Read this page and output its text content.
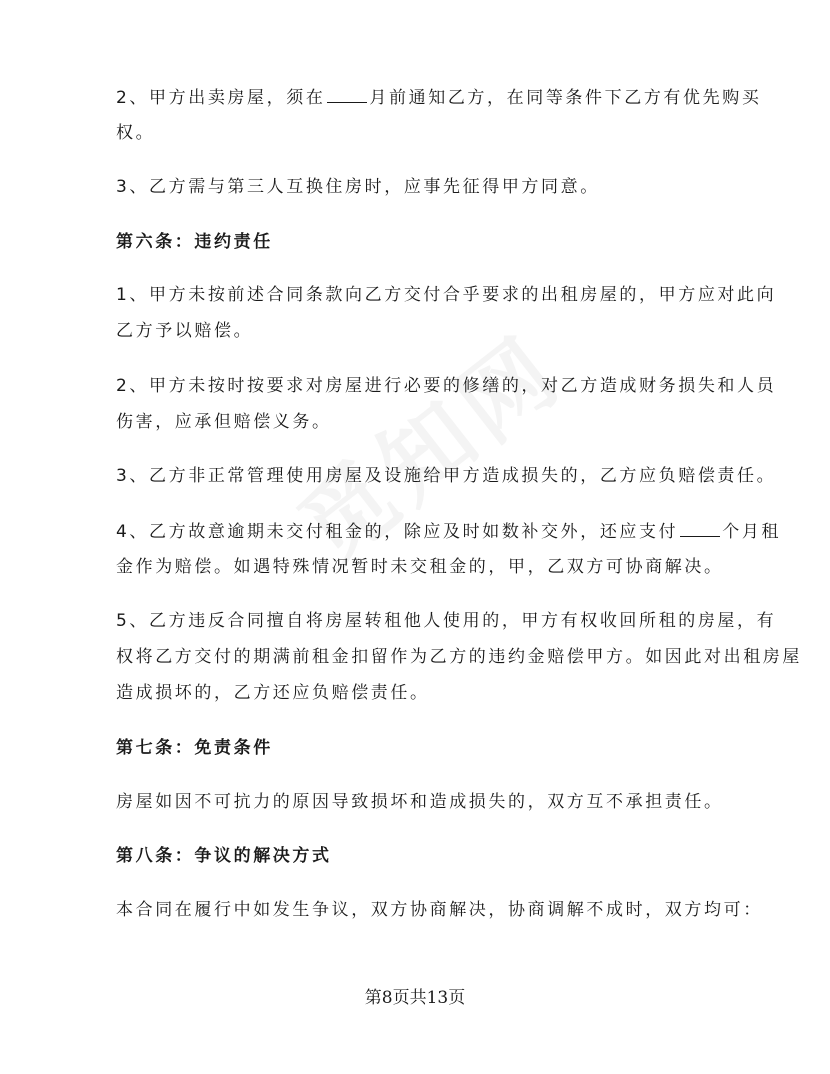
2、甲方出卖房屋，须在	月前通知乙方，在同等条件下乙方有优先购买
权。
3、乙方需与第三人互换住房时，应事先征得甲方同意。
第六条：违约责任
1、甲方未按前述合同条款向乙方交付合乎要求的出租房屋的，甲方应对此向
乙方予以赔偿。
2、甲方未按时按要求对房屋进行必要的修缮的，对乙方造成财务损失和人员
伤害，应承但赔偿义务。
3、乙方非正常管理使用房屋及设施给甲方造成损失的，乙方应负赔偿责任。
4、乙方故意逾期未交付租金的，除应及时如数补交外，还应支付	个月租
金作为赔偿。如遇特殊情况暂时未交租金的，甲，乙双方可协商解决。
5、乙方违反合同擅自将房屋转租他人使用的，甲方有权收回所租的房屋，有
权将乙方交付的期满前租金扣留作为乙方的违约金赔偿甲方。如因此对出租房屋
造成损坏的，乙方还应负赔偿责任。
第七条：免责条件
房屋如因不可抗力的原因导致损坏和造成损失的，双方互不承担责任。
第八条：争议的解决方式
本合同在履行中如发生争议，双方协商解决，协商调解不成时，双方均可：
第8页共13页
